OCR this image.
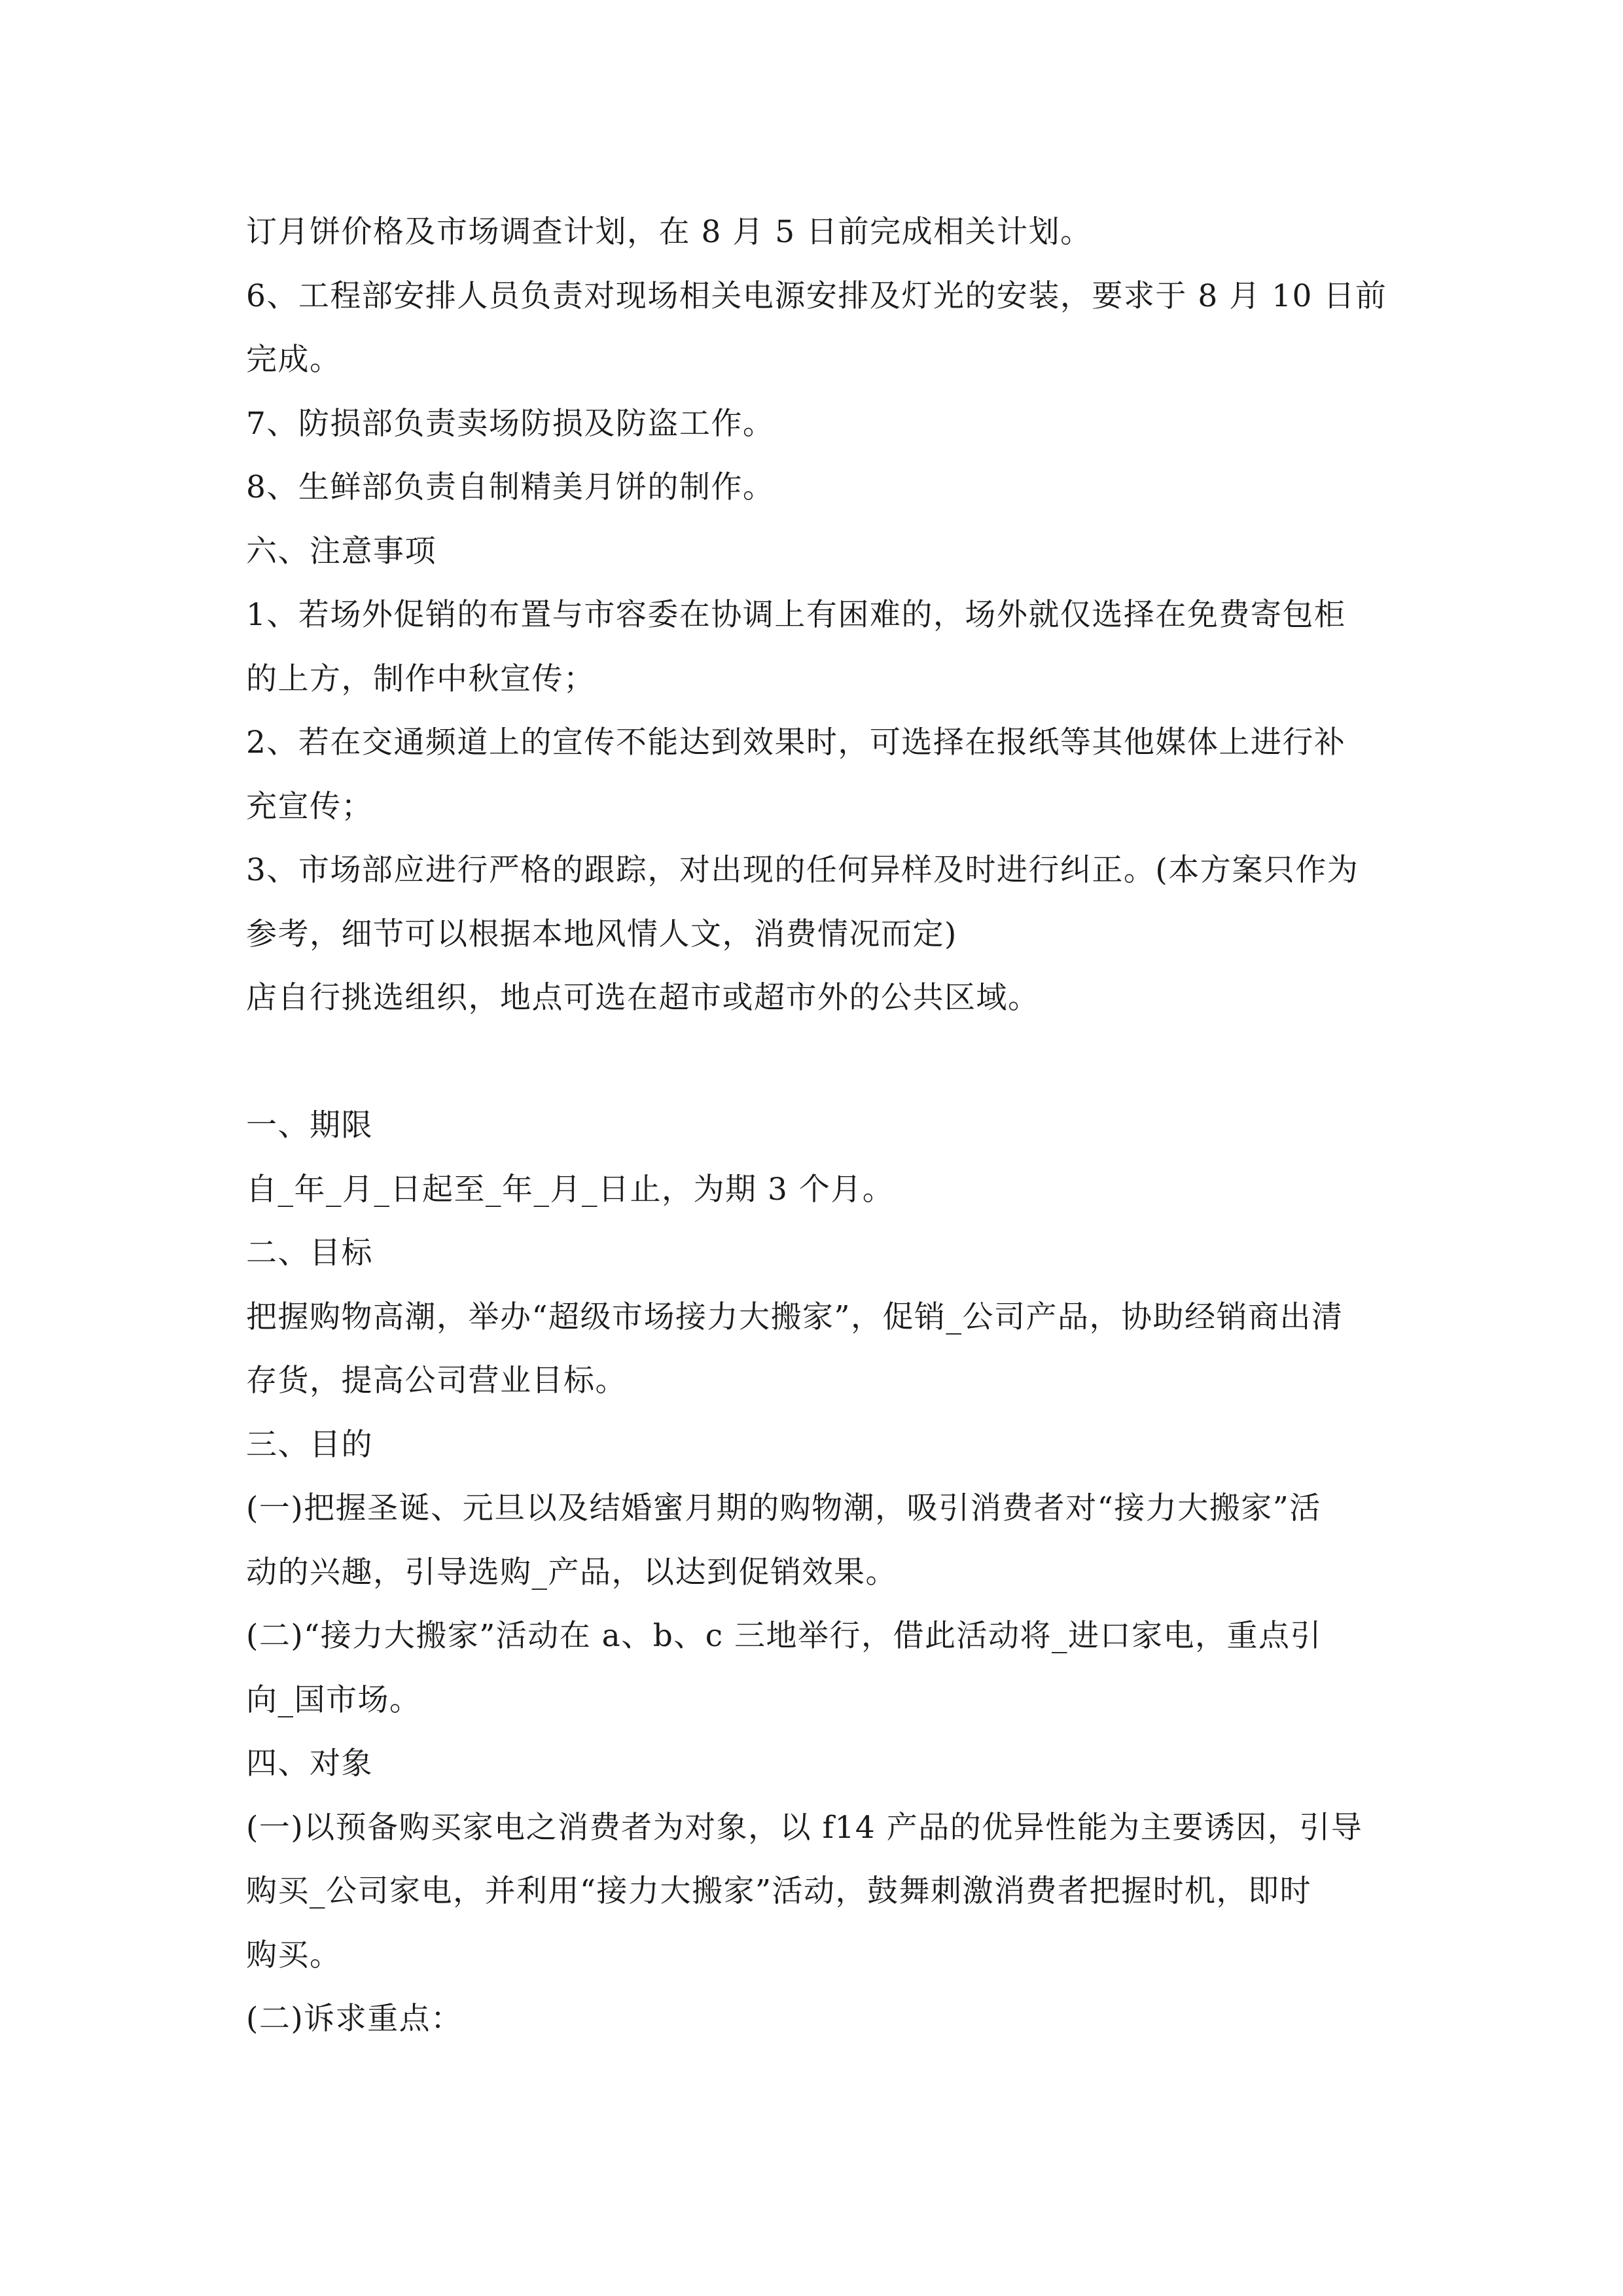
订月饼价格及市场调查计划，在 8 月 5 日前完成相关计划。
6、工程部安排人员负责对现场相关电源安排及灯光的安装，要求于 8 月 10 日前
完成。
7、防损部负责卖场防损及防盗工作。
8、生鲜部负责自制精美月饼的制作。
六、注意事项
1、若场外促销的布置与市容委在协调上有困难的，场外就仅选择在免费寄包柜
的上方，制作中秋宣传；
2、若在交通频道上的宣传不能达到效果时，可选择在报纸等其他媒体上进行补
充宣传；
3、市场部应进行严格的跟踪，对出现的任何异样及时进行纠正。(本方案只作为
参考，细节可以根据本地风情人文，消费情况而定)
店自行挑选组织，地点可选在超市或超市外的公共区域。
一、期限
自_年_月_日起至_年_月_日止，为期 3 个月。
二、目标
把握购物高潮，举办“超级市场接力大搬家”，促销_公司产品，协助经销商出清
存货，提高公司营业目标。
三、目的
(一)把握圣诞、元旦以及结婚蜜月期的购物潮，吸引消费者对“接力大搬家”活
动的兴趣，引导选购_产品，以达到促销效果。
(二)“接力大搬家”活动在 a、b、c 三地举行，借此活动将_进口家电，重点引
向_国市场。
四、对象
(一)以预备购买家电之消费者为对象，以 f14 产品的优异性能为主要诱因，引导
购买_公司家电，并利用“接力大搬家”活动，鼓舞刺激消费者把握时机，即时
购买。
(二)诉求重点：
